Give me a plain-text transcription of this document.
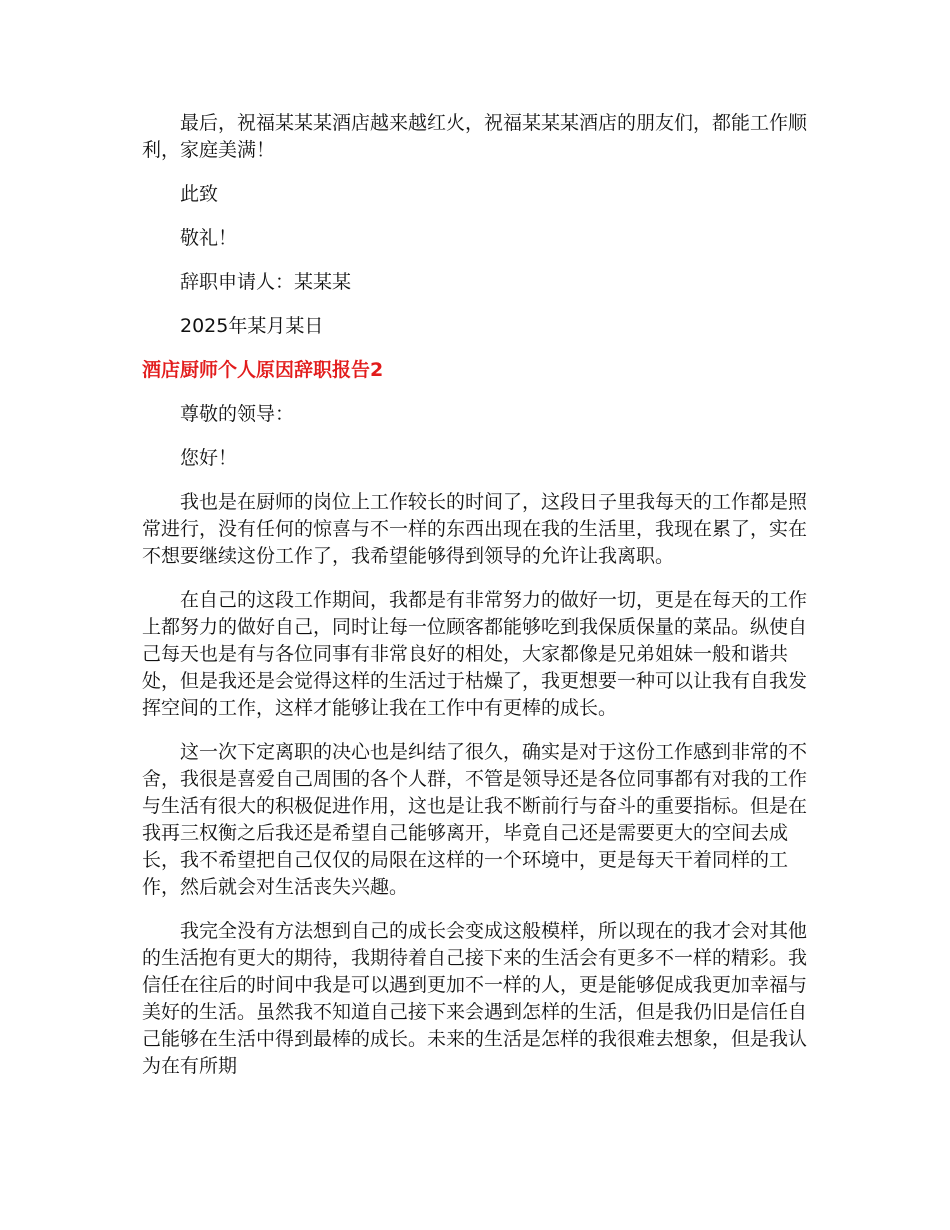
最后，祝福某某某酒店越来越红火，祝福某某某酒店的朋友们，都能工作顺利，家庭美满！

此致
敬礼！
辞职申请人：某某某
2025年某月某日
酒店厨师个人原因辞职报告2
尊敬的领导：
您好！

我也是在厨师的岗位上工作较长的时间了，这段日子里我每天的工作都是照常进行，没有任何的惊喜与不一样的东西出现在我的生活里，我现在累了，实在不想要继续这份工作了，我希望能够得到领导的允许让我离职。

在自己的这段工作期间，我都是有非常努力的做好一切，更是在每天的工作上都努力的做好自己，同时让每一位顾客都能够吃到我保质保量的菜品。纵使自己每天也是有与各位同事有非常良好的相处，大家都像是兄弟姐妹一般和谐共处，但是我还是会觉得这样的生活过于枯燥了，我更想要一种可以让我有自我发挥空间的工作，这样才能够让我在工作中有更棒的成长。

这一次下定离职的决心也是纠结了很久，确实是对于这份工作感到非常的不舍，我很是喜爱自己周围的各个人群，不管是领导还是各位同事都有对我的工作与生活有很大的积极促进作用，这也是让我不断前行与奋斗的重要指标。但是在我再三权衡之后我还是希望自己能够离开，毕竟自己还是需要更大的空间去成长，我不希望把自己仅仅的局限在这样的一个环境中，更是每天干着同样的工作，然后就会对生活丧失兴趣。

我完全没有方法想到自己的成长会变成这般模样，所以现在的我才会对其他的生活抱有更大的期待，我期待着自己接下来的生活会有更多不一样的精彩。我信任在往后的时间中我是可以遇到更加不一样的人，更是能够促成我更加幸福与美好的生活。虽然我不知道自己接下来会遇到怎样的生活，但是我仍旧是信任自己能够在生活中得到最棒的成长。未来的生活是怎样的我很难去想象，但是我认为在有所期
